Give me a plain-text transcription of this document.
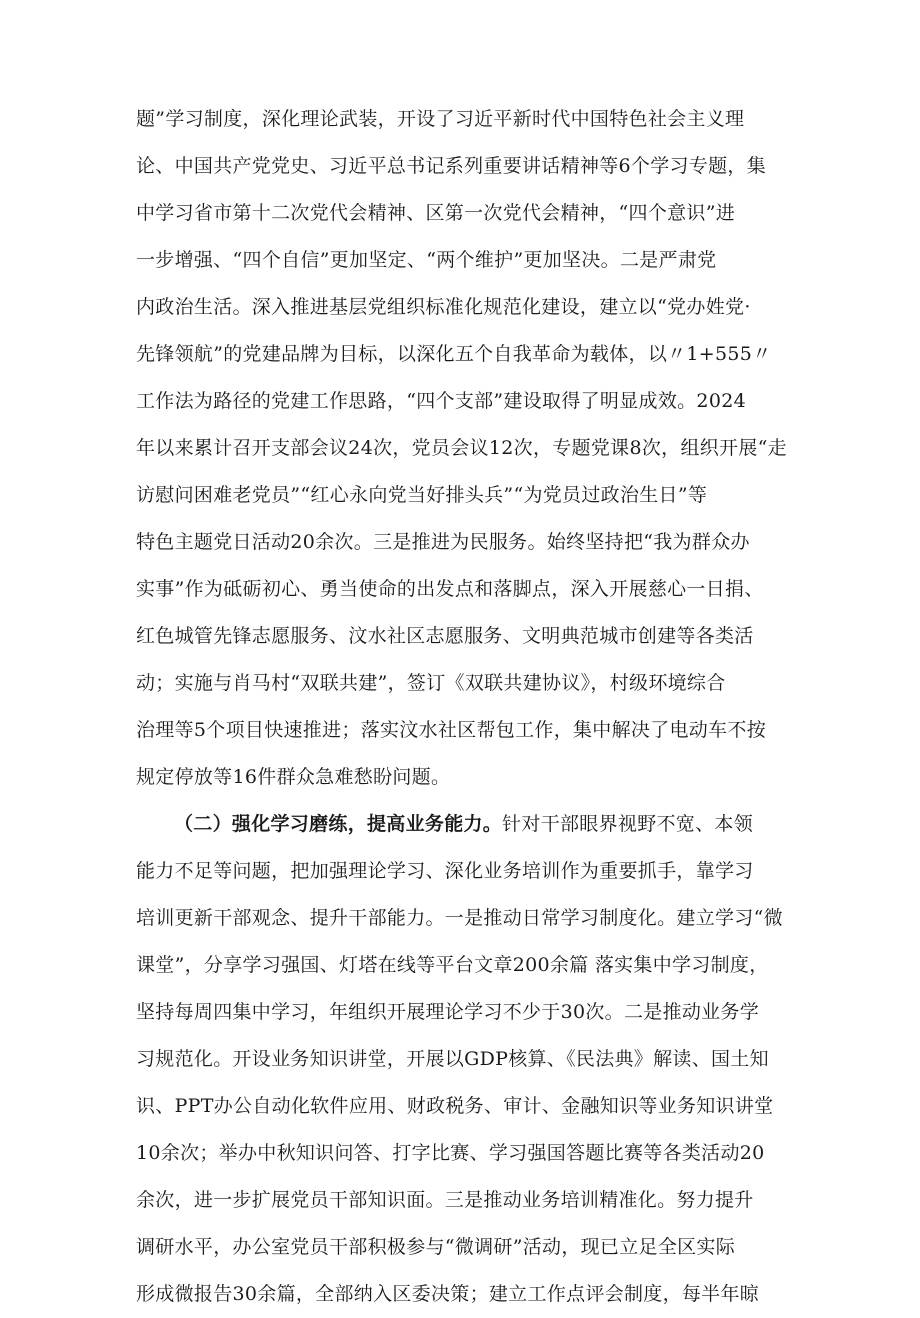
题”学习制度，深化理论武装，开设了习近平新时代中国特色社会主义理
论、中国共产党党史、习近平总书记系列重要讲话精神等6个学习专题，集
中学习省市第十二次党代会精神、区第一次党代会精神，“四个意识”进
一步增强、“四个自信”更加坚定、“两个维护”更加坚决。二是严肃党
内政治生活。深入推进基层党组织标准化规范化建设，建立以“党办姓党·
先锋领航”的党建品牌为目标，以深化五个自我革命为载体，以〃1+555〃
工作法为路径的党建工作思路，“四个支部”建设取得了明显成效。2024
年以来累计召开支部会议24次，党员会议12次，专题党课8次，组织开展“走
访慰问困难老党员”“红心永向党当好排头兵”“为党员过政治生日”等
特色主题党日活动20余次。三是推进为民服务。始终坚持把“我为群众办
实事”作为砥砺初心、勇当使命的出发点和落脚点，深入开展慈心一日捐、
红色城管先锋志愿服务、汶水社区志愿服务、文明典范城市创建等各类活
动；实施与肖马村“双联共建”，签订《双联共建协议》，村级环境综合
治理等5个项目快速推进；落实汶水社区帮包工作，集中解决了电动车不按
规定停放等16件群众急难愁盼问题。
（二）强化学习磨练，提高业务能力。针对干部眼界视野不宽、本领
能力不足等问题，把加强理论学习、深化业务培训作为重要抓手，靠学习
培训更新干部观念、提升干部能力。一是推动日常学习制度化。建立学习“微
课堂”，分享学习强国、灯塔在线等平台文章200余篇 落实集中学习制度，
坚持每周四集中学习，年组织开展理论学习不少于30次。二是推动业务学
习规范化。开设业务知识讲堂，开展以GDP核算、《民法典》解读、国土知
识、PPT办公自动化软件应用、财政税务、审计、金融知识等业务知识讲堂
10余次；举办中秋知识问答、打字比赛、学习强国答题比赛等各类活动20
余次，进一步扩展党员干部知识面。三是推动业务培训精准化。努力提升
调研水平，办公室党员干部积极参与“微调研”活动，现已立足全区实际
形成微报告30余篇，全部纳入区委决策；建立工作点评会制度，每半年晾
